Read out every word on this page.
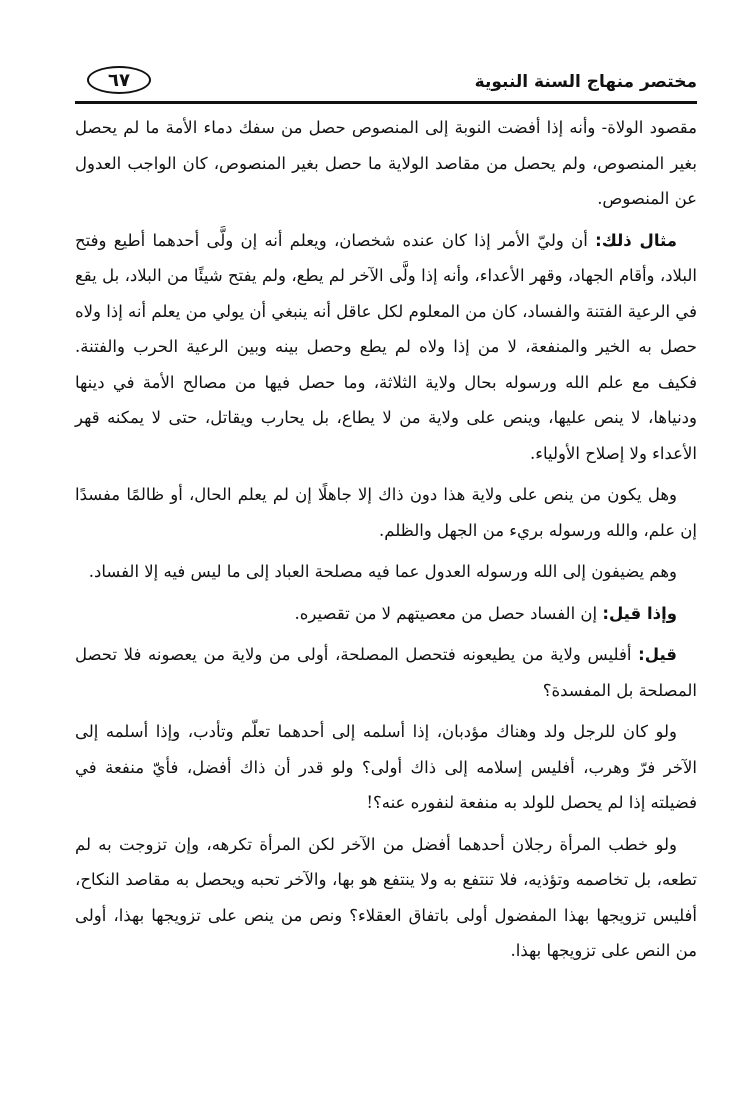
مختصر منهاج السنة النبوية
٦٧

مقصود الولاة- وأنه إذا أفضت النوبة إلى المنصوص حصل من سفك دماء الأمة ما لم يحصل بغير المنصوص، ولم يحصل من مقاصد الولاية ما حصل بغير المنصوص، كان الواجب العدول عن المنصوص.

مثال ذلك: أن وليّ الأمر إذا كان عنده شخصان، ويعلم أنه إن ولَّى أحدهما أطيع وفتح البلاد، وأقام الجهاد، وقهر الأعداء، وأنه إذا ولَّى الآخر لم يطع، ولم يفتح شيئًا من البلاد، بل يقع في الرعية الفتنة والفساد، كان من المعلوم لكل عاقل أنه ينبغي أن يولي من يعلم أنه إذا ولاه حصل به الخير والمنفعة، لا من إذا ولاه لم يطع وحصل بينه وبين الرعية الحرب والفتنة. فكيف مع علم الله ورسوله بحال ولاية الثلاثة، وما حصل فيها من مصالح الأمة في دينها ودنياها، لا ينص عليها، وينص على ولاية من لا يطاع، بل يحارب ويقاتل، حتى لا يمكنه قهر الأعداء ولا إصلاح الأولياء.

وهل يكون من ينص على ولاية هذا دون ذاك إلا جاهلًا إن لم يعلم الحال، أو ظالمًا مفسدًا إن علم، والله ورسوله بريء من الجهل والظلم.

وهم يضيفون إلى الله ورسوله العدول عما فيه مصلحة العباد إلى ما ليس فيه إلا الفساد.

وإذا قيل: إن الفساد حصل من معصيتهم لا من تقصيره.

قيل: أفليس ولاية من يطيعونه فتحصل المصلحة، أولى من ولاية من يعصونه فلا تحصل المصلحة بل المفسدة؟

ولو كان للرجل ولد وهناك مؤدبان، إذا أسلمه إلى أحدهما تعلّم وتأدب، وإذا أسلمه إلى الآخر فرّ وهرب، أفليس إسلامه إلى ذاك أولى؟ ولو قدر أن ذاك أفضل، فأيّ منفعة في فضيلته إذا لم يحصل للولد به منفعة لنفوره عنه؟!

ولو خطب المرأة رجلان أحدهما أفضل من الآخر لكن المرأة تكرهه، وإن تزوجت به لم تطعه، بل تخاصمه وتؤذيه، فلا تنتفع به ولا ينتفع هو بها، والآخر تحبه ويحصل به مقاصد النكاح، أفليس تزويجها بهذا المفضول أولى باتفاق العقلاء؟ ونص من ينص على تزويجها بهذا، أولى من النص على تزويجها بهذا.
